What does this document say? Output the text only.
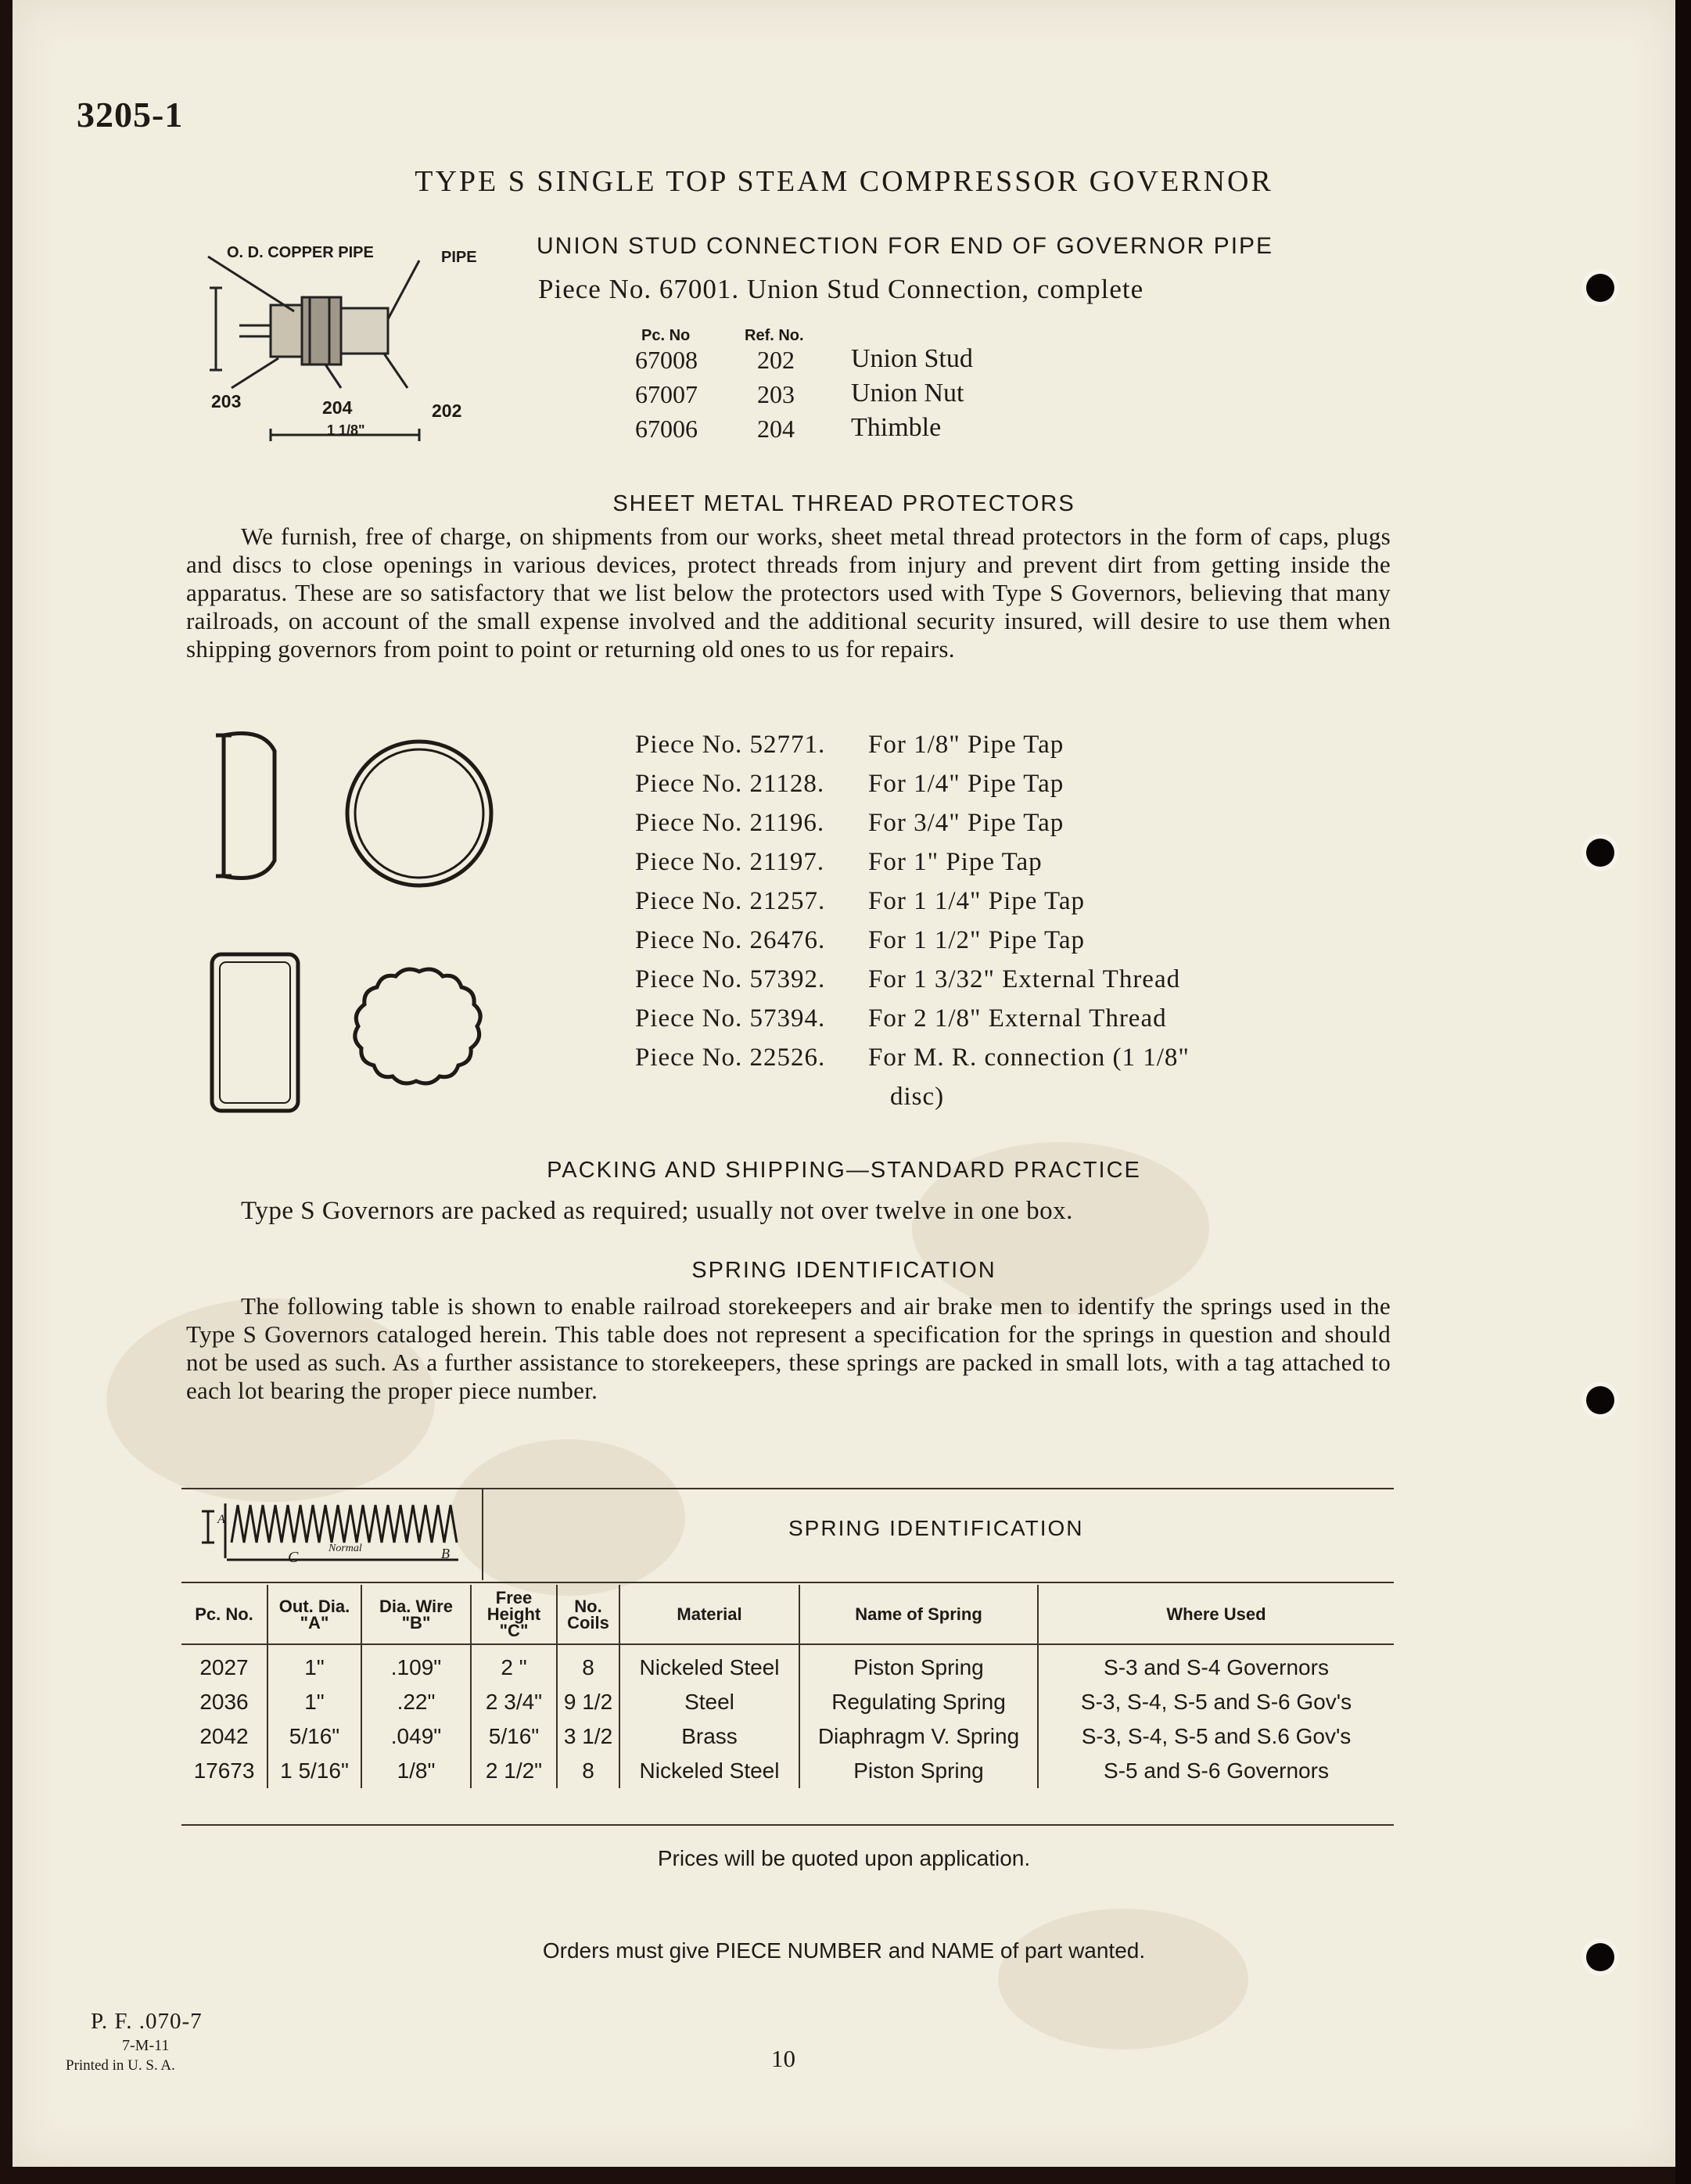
3205-1
TYPE S SINGLE TOP STEAM COMPRESSOR GOVERNOR
O. D. COPPER PIPE	PIPE
203	204	202
1 1/8"
UNION STUD CONNECTION FOR END OF GOVERNOR PIPE
Piece No. 67001. Union Stud Connection, complete
Pc. No	Ref. No.
67008 202 Union Stud
67007 203 Union Nut
67006 204 Thimble
SHEET METAL THREAD PROTECTORS
We furnish, free of charge, on shipments from our works, sheet metal thread protectors in the form of caps, plugs and discs to close openings in various devices, protect threads from injury and prevent dirt from getting inside the apparatus. These are so satisfactory that we list below the protectors used with Type S Governors, believing that many railroads, on account of the small expense involved and the additional security insured, will desire to use them when shipping governors from point to point or returning old ones to us for repairs.
Piece No. 52771. For 1/8" Pipe Tap
Piece No. 21128. For 1/4" Pipe Tap
Piece No. 21196. For 3/4" Pipe Tap
Piece No. 21197. For 1" Pipe Tap
Piece No. 21257. For 1 1/4" Pipe Tap
Piece No. 26476. For 1 1/2" Pipe Tap
Piece No. 57392. For 1 3/32" External Thread
Piece No. 57394. For 2 1/8" External Thread
Piece No. 22526. For M. R. connection (1 1/8"
disc)
PACKING AND SHIPPING—STANDARD PRACTICE
Type S Governors are packed as required; usually not over twelve in one box.
SPRING IDENTIFICATION
The following table is shown to enable railroad storekeepers and air brake men to identify the springs used in the Type S Governors cataloged herein. This table does not represent a specification for the springs in question and should not be used as such. As a further assistance to storekeepers, these springs are packed in small lots, with a tag attached to each lot bearing the proper piece number.
A
C
Normal	B
SPRING IDENTIFICATION
Pc. No.	Out. Dia. "A"	Dia. Wire "B"	Free Height "C"	No. Coils	Material	Name of Spring	Where Used
2027	1"	.109"	2 "	8	Nickeled Steel	Piston Spring	S-3 and S-4 Governors
2036	1"	.22"	2 3/4"	9 1/2	Steel	Regulating Spring	S-3, S-4, S-5 and S-6 Gov's
2042	5/16"	.049"	5/16"	3 1/2	Brass	Diaphragm V. Spring	S-3, S-4, S-5 and S.6 Gov's
17673	1 5/16"	1/8"	2 1/2"	8	Nickeled Steel	Piston Spring	S-5 and S-6 Governors
Prices will be quoted upon application.
Orders must give PIECE NUMBER and NAME of part wanted.
P. F. .070-7
7-M-11
Printed in U. S. A.	10
